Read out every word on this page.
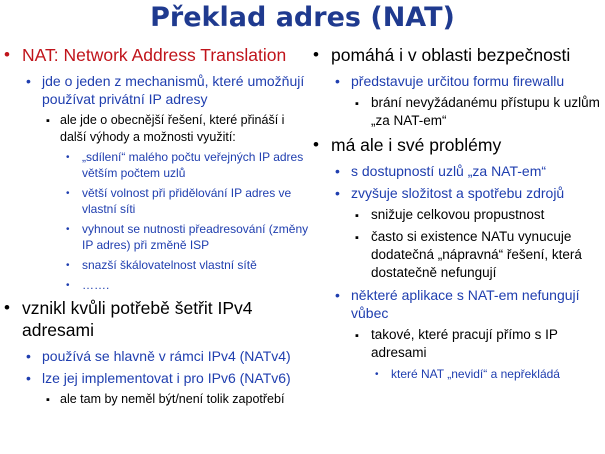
Překlad adres (NAT)
• NAT: Network Address Translation
• jde o jeden z mechanismů, které umožňují používat privátní IP adresy
▪ ale jde o obecnější řešení, které přináší i další výhody a možnosti využití:
• „sdílení“ malého počtu veřejných IP adres větším počtem uzlů
• větší volnost při přidělování IP adres ve vlastní síti
• vyhnout se nutnosti přeadresování (změny IP adres) při změně ISP
• snazší škálovatelnost vlastní sítě
• …….
• vznikl kvůli potřebě šetřit IPv4 adresami
• používá se hlavně v rámci IPv4 (NATv4)
• lze jej implementovat i pro IPv6 (NATv6)
▪ ale tam by neměl být/není tolik zapotřebí
• pomáhá i v oblasti bezpečnosti
• představuje určitou formu firewallu
▪ brání nevyžádanému přístupu k uzlům „za NAT-em“
• má ale i své problémy
• s dostupností uzlů „za NAT-em“
• zvyšuje složitost a spotřebu zdrojů
▪ snižuje celkovou propustnost
▪ často si existence NATu vynucuje dodatečná „nápravná“ řešení, která dostatečně nefungují
• některé aplikace s NAT-em nefungují vůbec
▪ takové, které pracují přímo s IP adresami
• které NAT „nevidí“ a nepřekládá
